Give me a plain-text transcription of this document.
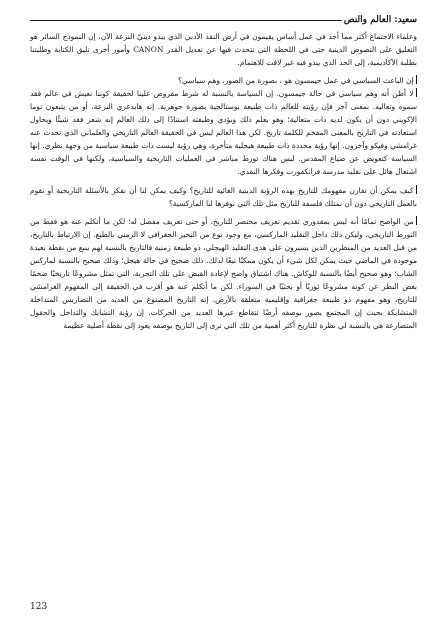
سعيد: العالم والنص

وعلماء الاجتماع أكثر مما أجد في عمل أساس يقيمون في أرض النقد الأدبي الذي يبدو دينيّ النزعة الآن، إن النموذج السائر هو التعليق على النصوص الدينية حتى في اللحظة التي تتحدث فيها عن تعديل القدر CANON وأمور أخرى تليق الكتابة وطليتنا بطلبة الأكاديمية، إلى الحد الذي يبدو فيه غير لافت للاهتمام.

إن الباعث السياسي في عمل جيمسون هو ، بصورة من الصور، وهم سياسي؟

لا أظن أنه وهم سياسي في حالة جيمسون. إن السياسة بالنسبة له شرط مفروض علينا لحقيقة كوننا نعيش في عالم فقد سموه وتعاليه. بمعنى آخر فإن رؤيته للعالم ذات طبيعة نوستالجية بصورة جوهرية. إنه هايدغري النزعة، أو من يتبعون توما الإكويني دون أن يكون لديه ذات متعالية؛ وهو يعلم ذلك ويؤدي وظيفته استنادًا إلى ذلك العالم إنه شعر فقد شيئًا ويحاول استعادته في التاريخ بالمعنى المفخم للكلمة تاريخ. لكن هذا العالم ليس في الحقيقة العالم التاريخي والعلماني الذي تحدث عنه غرامشي وفيكو وآخرون. إنها رؤية محددة ذات طبيعة هيجلية متأخرة، وهي رؤية ليست ذات طبيعة سياسية من وجهة نظري. إنها السياسة كتعويض عن ضياع المقدس. ليس هناك تورط مباشر في العمليات التاريخية والسياسية، ولكنها في الوقت نفسه اشتغال هائل على تقليد مدرسة فرانكفورت وفكرها النقدي.

كيف يمكن أن تقارن مفهومك للتاريخ بهذه الرؤية الدينية الغائية للتاريخ؟ وكيف يمكن لنا أن نفكر بالأسئلة التاريخية أو نقوم بالعمل التاريخي دون أن نمتلك فلسفة للتاريخ مثل تلك التي توفرها لنا الماركسية؟

من الواضح تمامًا أنه ليس بمقدوري تقديم تعريف مختصر للتاريخ، أو حتى تعريف مفصل له؛ لكن ما أتكلم عنه هو فقط من التورط التاريخي، وليكن ذلك داخل التقليد الماركسي، مع وجود نوع من التحيز الجغرافي لا الزمني بالطبع. إن الارتباط بالتاريخ، من قبل العديد من المنظرين الذين يسيرون على هدى التقليد الهيجلي، ذو طبيعة زمنية فالتاريخ بالنسبة لهم ينبع من نقطة بعيدة موجودة في الماضي حيث يمكن لكل شيء أن يكون ممكنًا تبعًا لذلك. ذلك صحيح في حالة هيجل؛ وذلك صحيح بالنسبة لماركس الشاب؛ وهو صحيح أيضًا بالنسبة للوكاش. هناك اشتياق واضح لإعادة القبض على تلك التجربة، التي تمثل مشروعًا تاريخيًا ضخمًا بغض النظر عن كونه مشروعًا ثوريًا أو بحثيًا في السوراء. لكن ما أتكلم عنه هو أقرب في الحقيقة إلى المفهوم الغرامشي للتاريخ، وهو مفهوم ذو طبيعة جغرافية وإقليمية متعلقة بالأرض. إنه التاريخ المصنوع من العديد من التضاريس المتداخلة المتشابكة بحيث إن المجتمع يصور بوصفه أرضًا تتقاطع عبرها العديد من الحركات. إن رؤية التشابك والتداخل والحقول المتصارعة هي بالنسبة لي نظرة للتاريخ أكثر أهمية من تلك التي ترى إلى التاريخ بوصفه يعود إلى نقطة أصلية عظيمة

123
